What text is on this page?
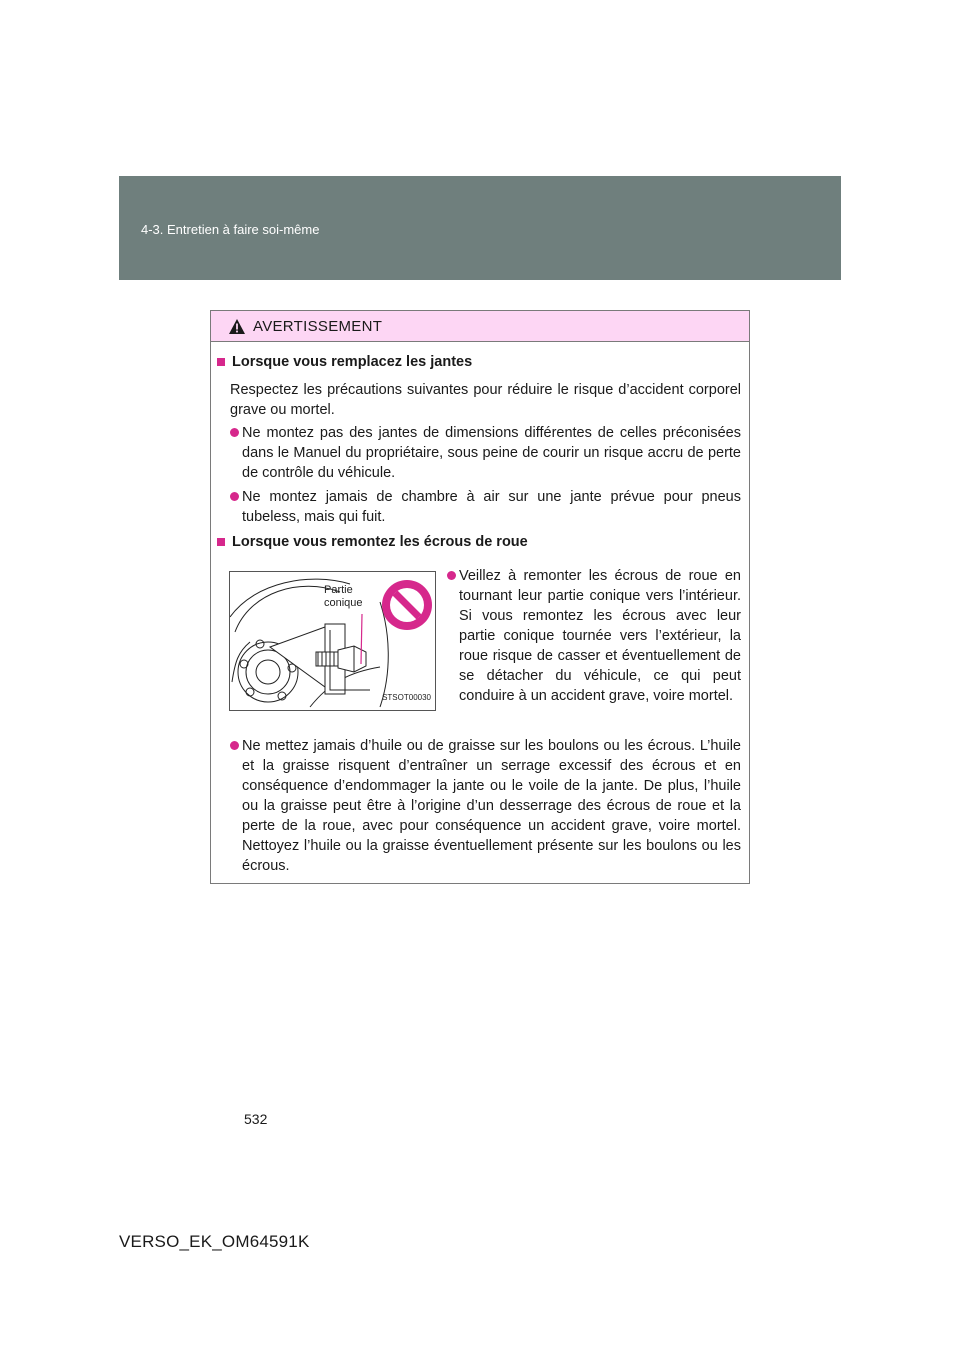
4-3. Entretien à faire soi-même
AVERTISSEMENT
Lorsque vous remplacez les jantes
Respectez les précautions suivantes pour réduire le risque d’accident corporel grave ou mortel.
Ne montez pas des jantes de dimensions différentes de celles préconisées dans le Manuel du propriétaire, sous peine de courir un risque accru de perte de contrôle du véhicule.
Ne montez jamais de chambre à air sur une jante prévue pour pneus tubeless, mais qui fuit.
Lorsque vous remontez les écrous de roue
Partie
conique
STSOT00030
Veillez à remonter les écrous de roue en tournant leur partie conique vers l’intérieur. Si vous remontez les écrous avec leur partie conique tournée vers l’extérieur, la roue risque de casser et éventuellement de se détacher du véhicule, ce qui peut conduire à un accident grave, voire mortel.
Ne mettez jamais d’huile ou de graisse sur les boulons ou les écrous. L’huile et la graisse risquent d’entraîner un serrage excessif des écrous et en conséquence d’endommager la jante ou le voile de la jante. De plus, l’huile ou la graisse peut être à l’origine d’un desserrage des écrous de roue et la perte de la roue, avec pour conséquence un accident grave, voire mortel. Nettoyez l’huile ou la graisse éventuellement présente sur les boulons ou les écrous.
532
VERSO_EK_OM64591K
